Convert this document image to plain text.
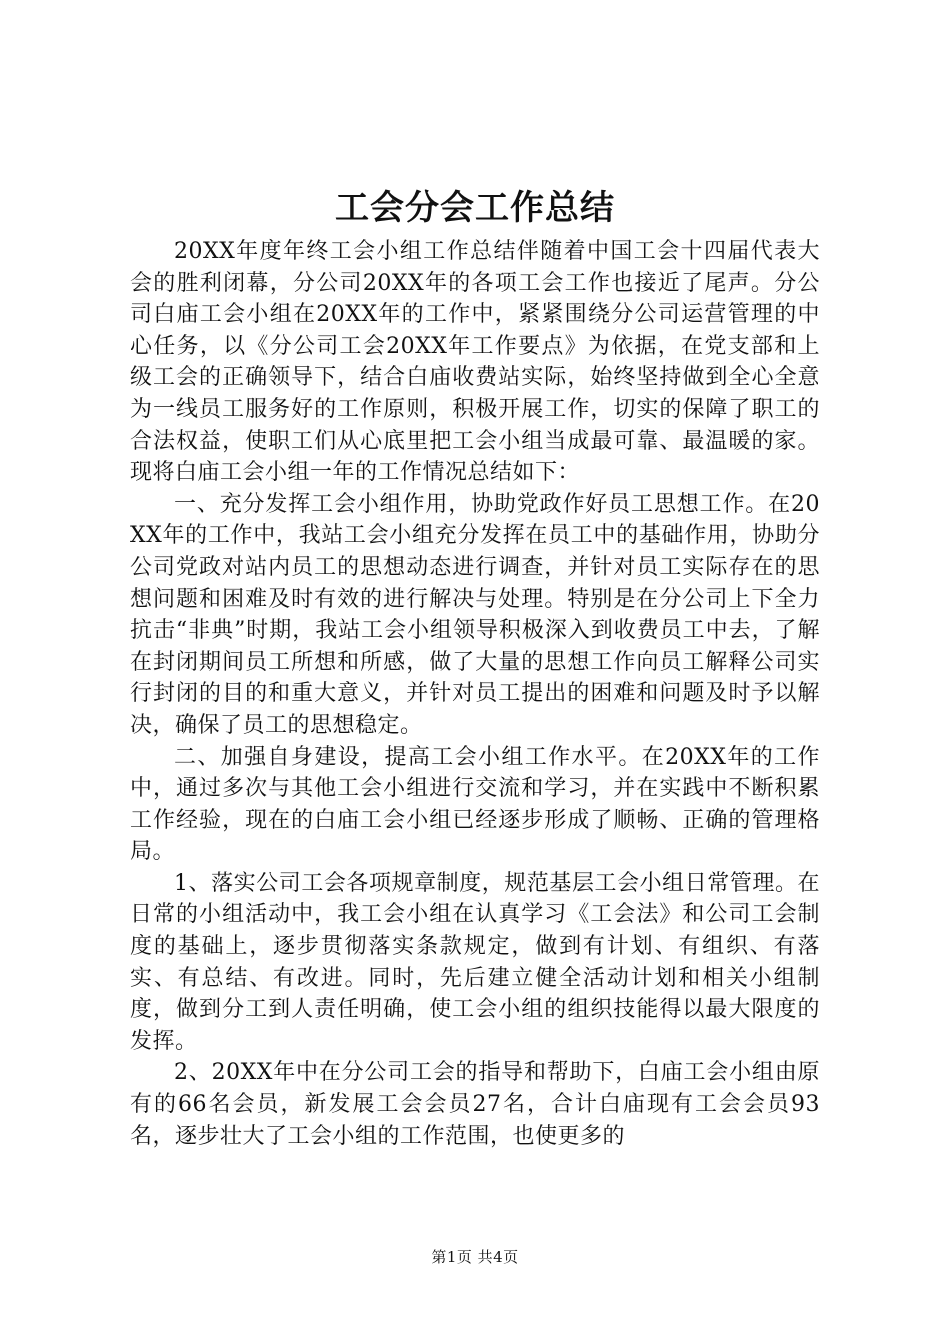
工会分会工作总结

20XX年度年终工会小组工作总结伴随着中国工会十四届代表大会的胜利闭幕，分公司20XX年的各项工会工作也接近了尾声。分公司白庙工会小组在20XX年的工作中，紧紧围绕分公司运营管理的中心任务，以《分公司工会20XX年工作要点》为依据，在党支部和上级工会的正确领导下，结合白庙收费站实际，始终坚持做到全心全意为一线员工服务好的工作原则，积极开展工作，切实的保障了职工的合法权益，使职工们从心底里把工会小组当成最可靠、最温暖的家。现将白庙工会小组一年的工作情况总结如下：

一、充分发挥工会小组作用，协助党政作好员工思想工作。在20XX年的工作中，我站工会小组充分发挥在员工中的基础作用，协助分公司党政对站内员工的思想动态进行调查，并针对员工实际存在的思想问题和困难及时有效的进行解决与处理。特别是在分公司上下全力抗击“非典”时期，我站工会小组领导积极深入到收费员工中去，了解在封闭期间员工所想和所感，做了大量的思想工作向员工解释公司实行封闭的目的和重大意义，并针对员工提出的困难和问题及时予以解决，确保了员工的思想稳定。

二、加强自身建设，提高工会小组工作水平。在20XX年的工作中，通过多次与其他工会小组进行交流和学习，并在实践中不断积累工作经验，现在的白庙工会小组已经逐步形成了顺畅、正确的管理格局。

1、落实公司工会各项规章制度，规范基层工会小组日常管理。在日常的小组活动中，我工会小组在认真学习《工会法》和公司工会制度的基础上，逐步贯彻落实条款规定，做到有计划、有组织、有落实、有总结、有改进。同时，先后建立健全活动计划和相关小组制度，做到分工到人责任明确，使工会小组的组织技能得以最大限度的发挥。

2、20XX年中在分公司工会的指导和帮助下，白庙工会小组由原有的66名会员，新发展工会会员27名，合计白庙现有工会会员93名，逐步壮大了工会小组的工作范围，也使更多的

第1页 共4页
